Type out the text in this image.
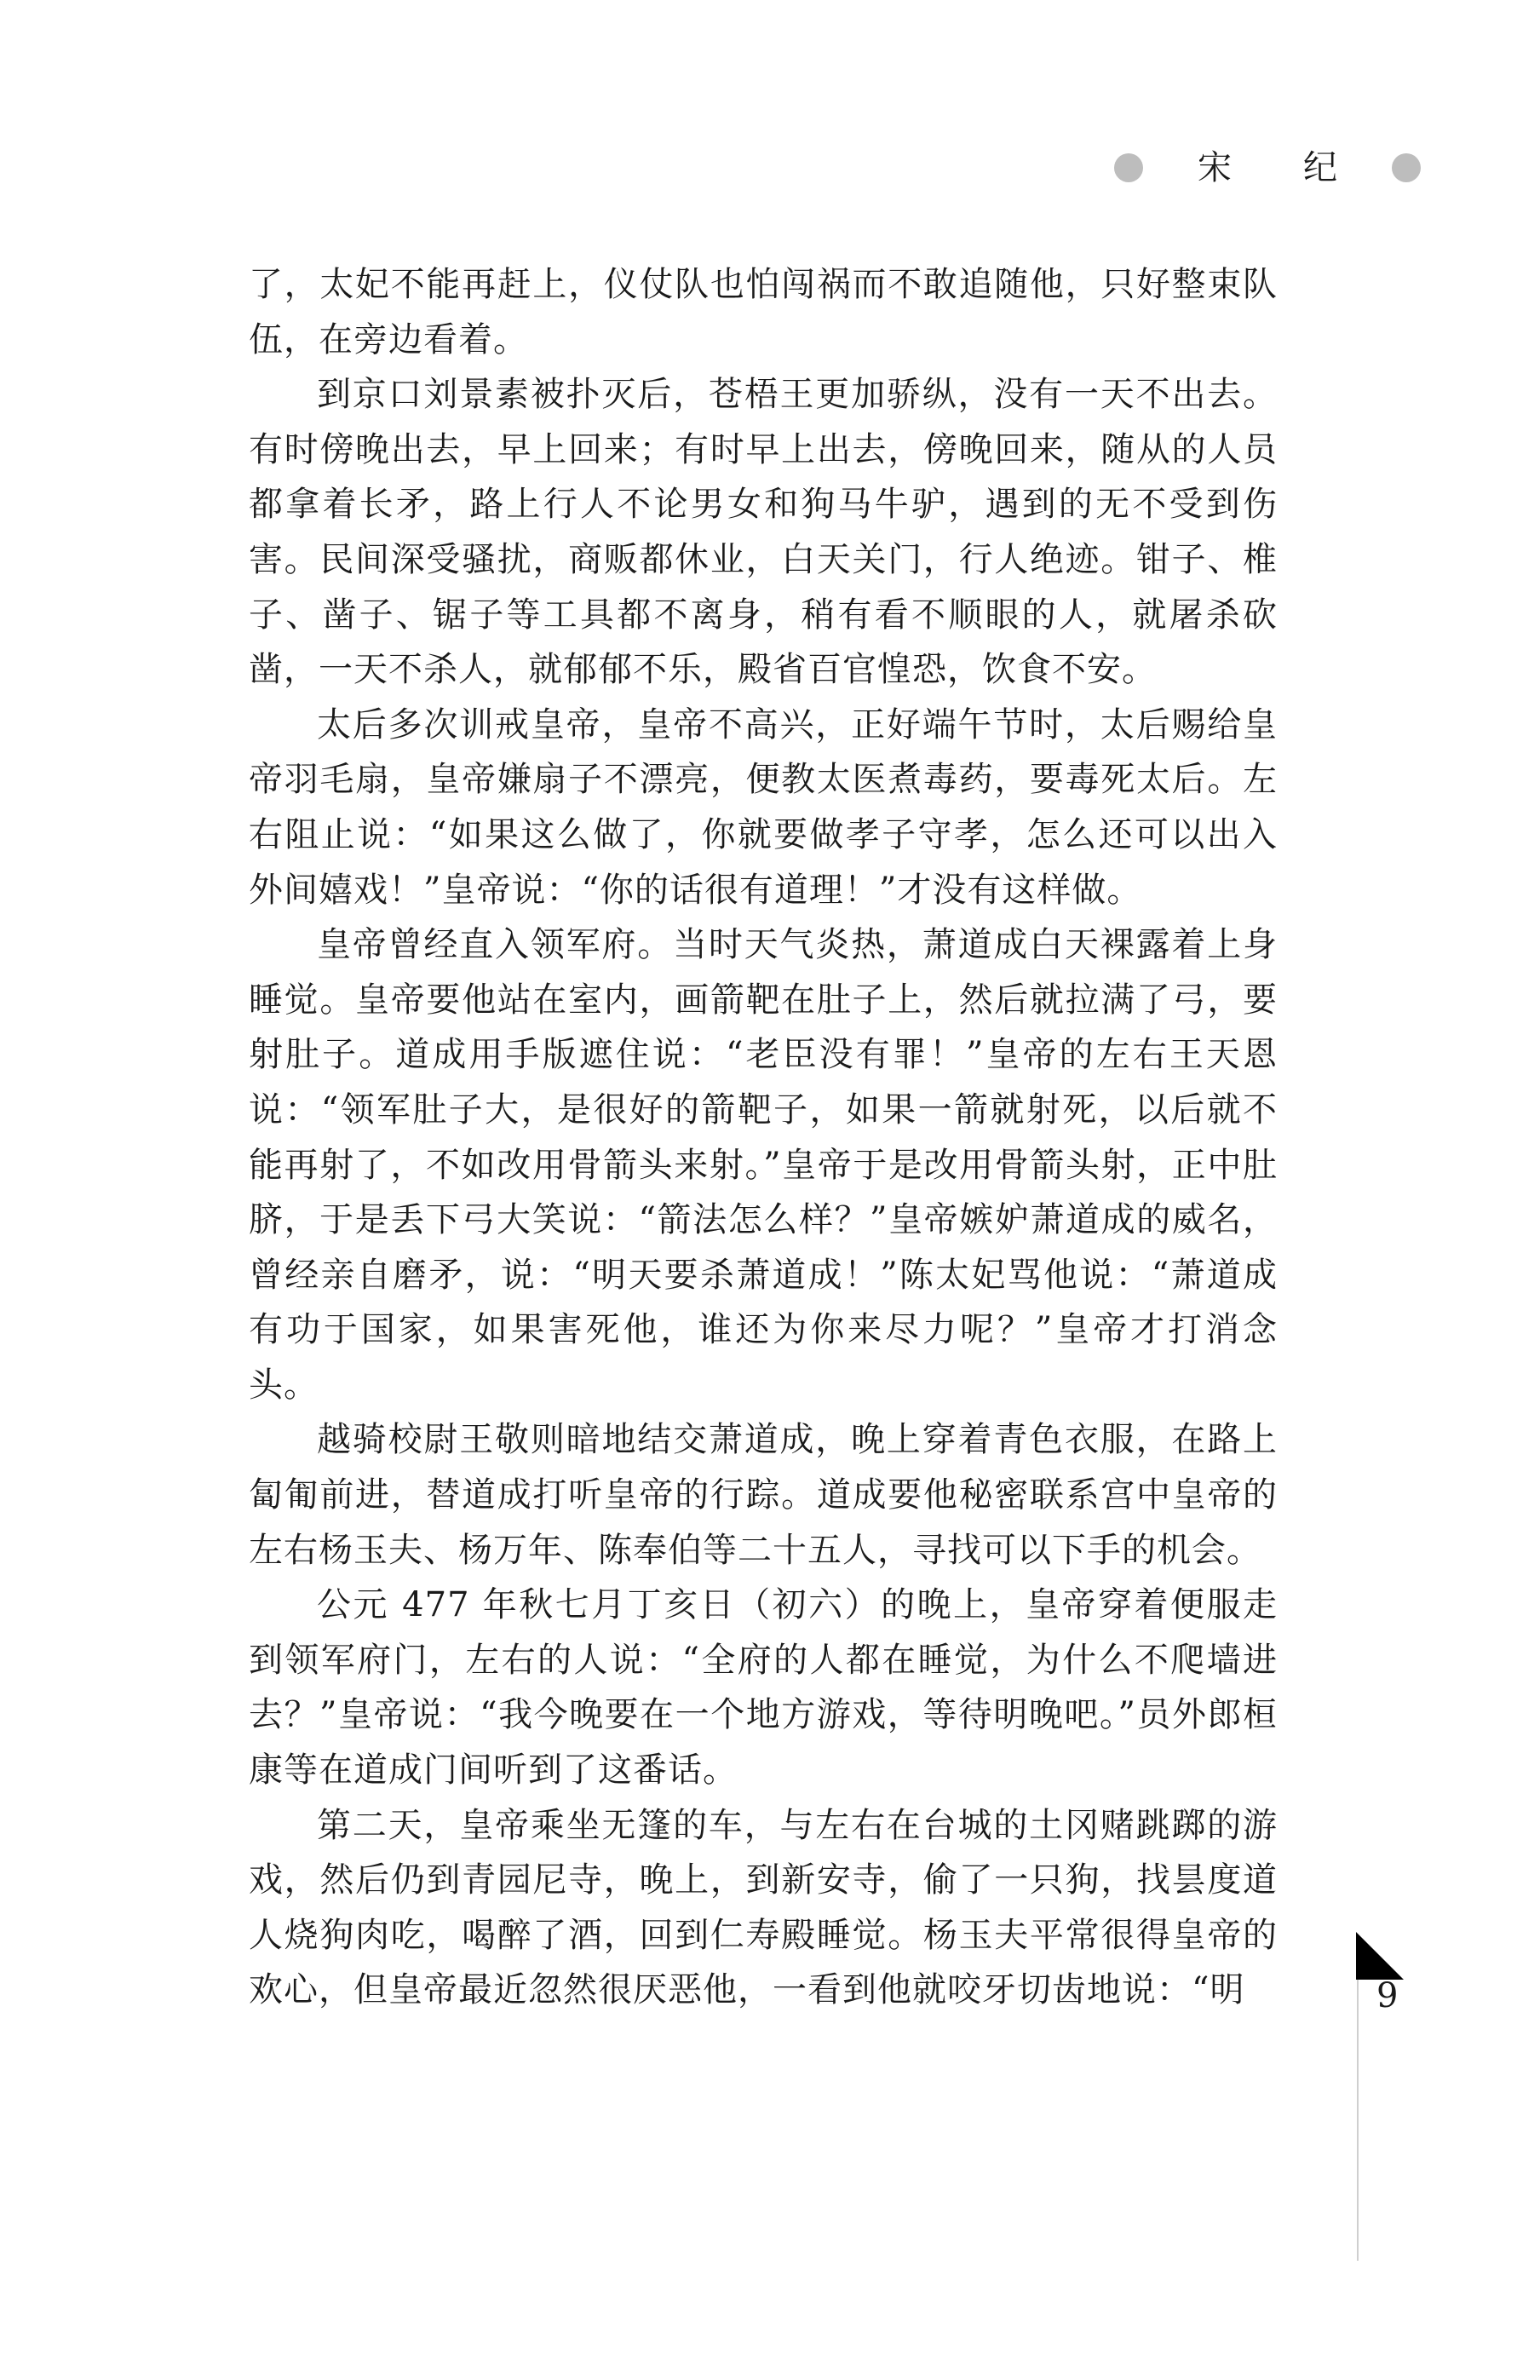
宋 纪

了，太妃不能再赶上，仪仗队也怕闯祸而不敢追随他，只好整束队伍，在旁边看着。

到京口刘景素被扑灭后，苍梧王更加骄纵，没有一天不出去。有时傍晚出去，早上回来；有时早上出去，傍晚回来，随从的人员都拿着长矛，路上行人不论男女和狗马牛驴，遇到的无不受到伤害。民间深受骚扰，商贩都休业，白天关门，行人绝迹。钳子、椎子、凿子、锯子等工具都不离身，稍有看不顺眼的人，就屠杀砍凿，一天不杀人，就郁郁不乐，殿省百官惶恐，饮食不安。

太后多次训戒皇帝，皇帝不高兴，正好端午节时，太后赐给皇帝羽毛扇，皇帝嫌扇子不漂亮，便教太医煮毒药，要毒死太后。左右阻止说：“如果这么做了，你就要做孝子守孝，怎么还可以出入外间嬉戏！”皇帝说：“你的话很有道理！”才没有这样做。

皇帝曾经直入领军府。当时天气炎热，萧道成白天裸露着上身睡觉。皇帝要他站在室内，画箭靶在肚子上，然后就拉满了弓，要射肚子。道成用手版遮住说：“老臣没有罪！”皇帝的左右王天恩说：“领军肚子大，是很好的箭靶子，如果一箭就射死，以后就不能再射了，不如改用骨箭头来射。”皇帝于是改用骨箭头射，正中肚脐，于是丢下弓大笑说：“箭法怎么样？”皇帝嫉妒萧道成的威名，曾经亲自磨矛，说：“明天要杀萧道成！”陈太妃骂他说：“萧道成有功于国家，如果害死他，谁还为你来尽力呢？”皇帝才打消念头。

越骑校尉王敬则暗地结交萧道成，晚上穿着青色衣服，在路上匐匍前进，替道成打听皇帝的行踪。道成要他秘密联系宫中皇帝的左右杨玉夫、杨万年、陈奉伯等二十五人，寻找可以下手的机会。

公元 477 年秋七月丁亥日（初六）的晚上，皇帝穿着便服走到领军府门，左右的人说：“全府的人都在睡觉，为什么不爬墙进去？”皇帝说：“我今晚要在一个地方游戏，等待明晚吧。”员外郎桓康等在道成门间听到了这番话。

第二天，皇帝乘坐无篷的车，与左右在台城的土冈赌跳踯的游戏，然后仍到青园尼寺，晚上，到新安寺，偷了一只狗，找昙度道人烧狗肉吃，喝醉了酒，回到仁寿殿睡觉。杨玉夫平常很得皇帝的欢心，但皇帝最近忽然很厌恶他，一看到他就咬牙切齿地说：“明	9
